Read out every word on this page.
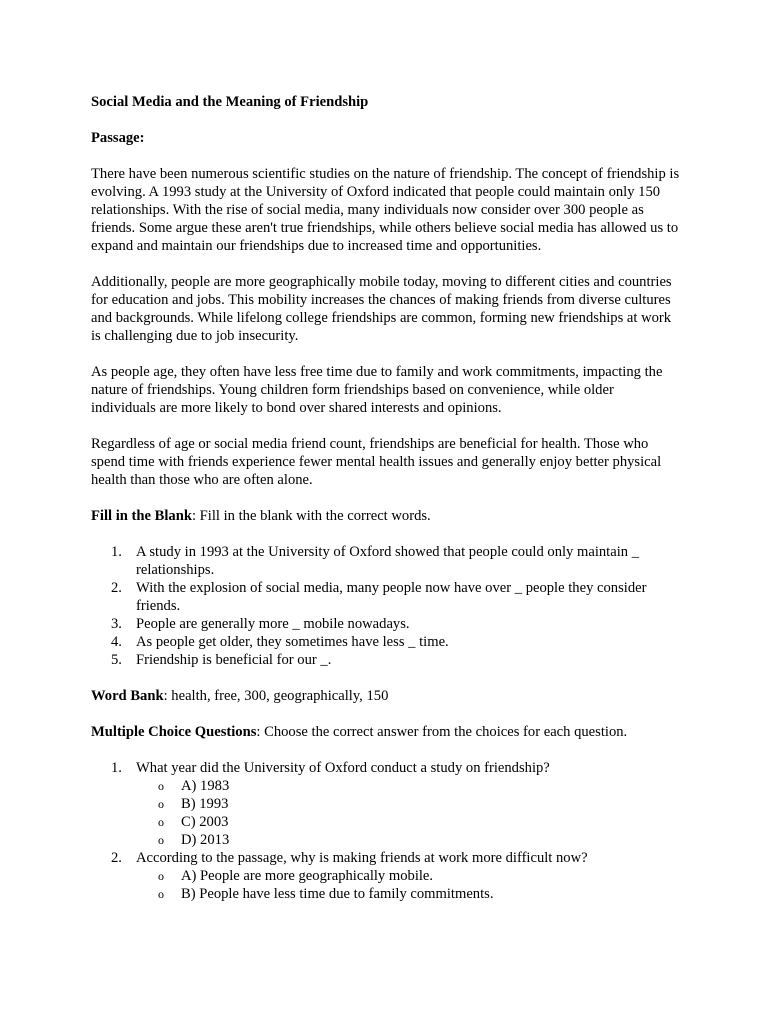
Social Media and the Meaning of Friendship

Passage:

There have been numerous scientific studies on the nature of friendship. The concept of friendship is evolving. A 1993 study at the University of Oxford indicated that people could maintain only 150 relationships. With the rise of social media, many individuals now consider over 300 people as friends. Some argue these aren't true friendships, while others believe social media has allowed us to expand and maintain our friendships due to increased time and opportunities.

Additionally, people are more geographically mobile today, moving to different cities and countries for education and jobs. This mobility increases the chances of making friends from diverse cultures and backgrounds. While lifelong college friendships are common, forming new friendships at work is challenging due to job insecurity.

As people age, they often have less free time due to family and work commitments, impacting the nature of friendships. Young children form friendships based on convenience, while older individuals are more likely to bond over shared interests and opinions.

Regardless of age or social media friend count, friendships are beneficial for health. Those who spend time with friends experience fewer mental health issues and generally enjoy better physical health than those who are often alone.

Fill in the Blank: Fill in the blank with the correct words.

1. A study in 1993 at the University of Oxford showed that people could only maintain _ relationships.
2. With the explosion of social media, many people now have over _ people they consider friends.
3. People are generally more _ mobile nowadays.
4. As people get older, they sometimes have less _ time.
5. Friendship is beneficial for our _.

Word Bank: health, free, 300, geographically, 150

Multiple Choice Questions: Choose the correct answer from the choices for each question.

1. What year did the University of Oxford conduct a study on friendship?
o A) 1983
o B) 1993
o C) 2003
o D) 2013
2. According to the passage, why is making friends at work more difficult now?
o A) People are more geographically mobile.
o B) People have less time due to family commitments.
